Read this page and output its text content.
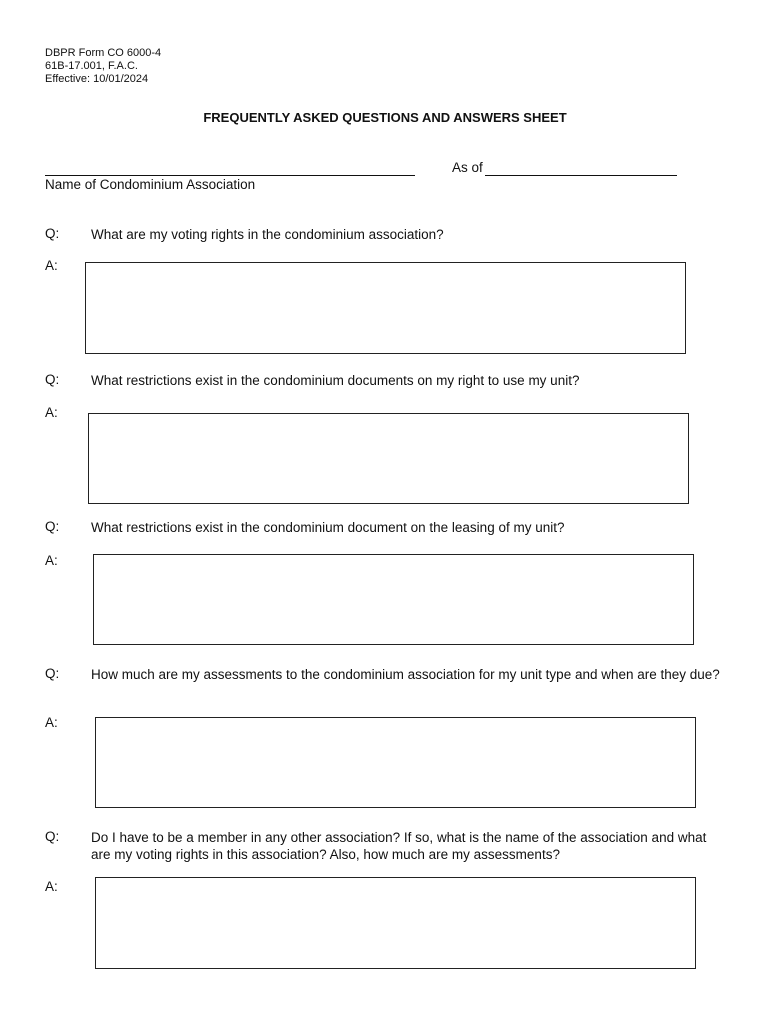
DBPR Form CO 6000-4
61B-17.001, F.A.C.
Effective: 10/01/2024
FREQUENTLY ASKED QUESTIONS AND ANSWERS SHEET
Name of Condominium Association
As of
Q: What are my voting rights in the condominium association?
A:
Q: What restrictions exist in the condominium documents on my right to use my unit?
A:
Q: What restrictions exist in the condominium document on the leasing of my unit?
A:
Q: How much are my assessments to the condominium association for my unit type and when are they due?
A:
Q: Do I have to be a member in any other association? If so, what is the name of the association and what are my voting rights in this association? Also, how much are my assessments?
A:
